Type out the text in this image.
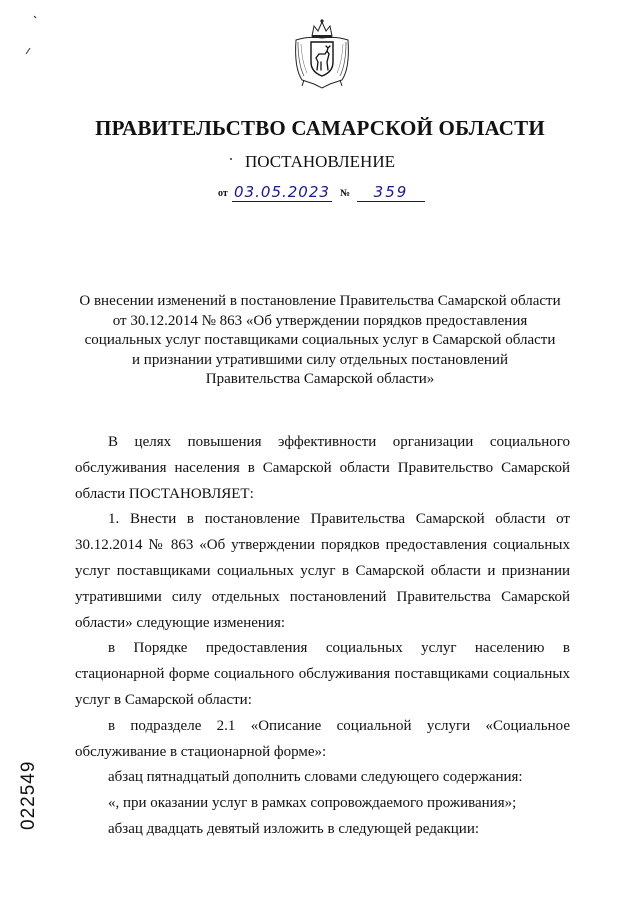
ПРАВИТЕЛЬСТВО САМАРСКОЙ ОБЛАСТИ
ПОСТАНОВЛЕНИЕ
от 03.05.2023 №	359
О внесении изменений в постановление Правительства Самарской области
от 30.12.2014 № 863 «Об утверждении порядков предоставления
социальных услуг поставщиками социальных услуг в Самарской области
и признании утратившими силу отдельных постановлений
Правительства Самарской области»

В целях повышения эффективности организации социального обслуживания населения в Самарской области Правительство Самарской области ПОСТАНОВЛЯЕТ:

1. Внести в постановление Правительства Самарской области от 30.12.2014 № 863 «Об утверждении порядков предоставления социальных услуг поставщиками социальных услуг в Самарской области и признании утратившими силу отдельных постановлений Правительства Самарской области» следующие изменения:

в Порядке предоставления социальных услуг населению в стационарной форме социального обслуживания поставщиками социальных услуг в Самарской области:

в подразделе 2.1 «Описание социальной услуги «Социальное обслуживание в стационарной форме»:

абзац пятнадцатый дополнить словами следующего содержания:

«, при оказании услуг в рамках сопровождаемого проживания»;

абзац двадцать девятый изложить в следующей редакции:

022549
